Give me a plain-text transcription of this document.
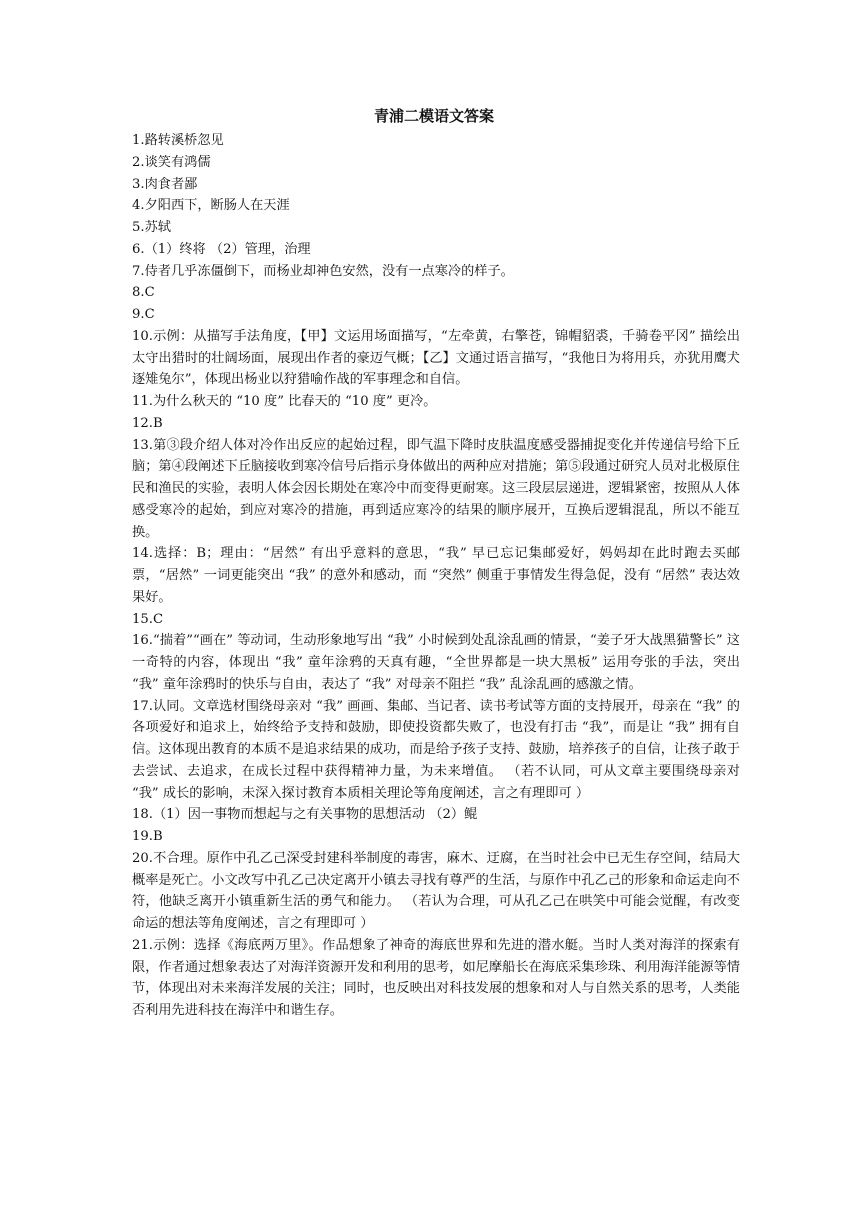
青浦二模语文答案

1.路转溪桥忽见

2.谈笑有鸿儒

3.肉食者鄙

4.夕阳西下，断肠人在天涯

5.苏轼

6.（1）终将 （2）管理，治理

7.侍者几乎冻僵倒下，而杨业却神色安然，没有一点寒冷的样子。

8.C

9.C

10.示例：从描写手法角度，【甲】文运用场面描写，“左牵黄，右擎苍，锦帽貂裘，千骑卷平冈” 描绘出太守出猎时的壮阔场面，展现出作者的豪迈气概；【乙】文通过语言描写，“我他日为将用兵，亦犹用鹰犬逐雉兔尔”，体现出杨业以狩猎喻作战的军事理念和自信。

11.为什么秋天的 “10 度” 比春天的 “10 度” 更冷。

12.B

13.第③段介绍人体对冷作出反应的起始过程，即气温下降时皮肤温度感受器捕捉变化并传递信号给下丘脑；第④段阐述下丘脑接收到寒冷信号后指示身体做出的两种应对措施；第⑤段通过研究人员对北极原住民和渔民的实验，表明人体会因长期处在寒冷中而变得更耐寒。这三段层层递进，逻辑紧密，按照从人体感受寒冷的起始，到应对寒冷的措施，再到适应寒冷的结果的顺序展开，互换后逻辑混乱，所以不能互换。

14.选择：B；理由：“居然” 有出乎意料的意思，“我” 早已忘记集邮爱好，妈妈却在此时跑去买邮票，“居然” 一词更能突出 “我” 的意外和感动，而 “突然” 侧重于事情发生得急促，没有 “居然” 表达效果好。

15.C

16.“揣着”“画在” 等动词，生动形象地写出 “我” 小时候到处乱涂乱画的情景，“姜子牙大战黑猫警长” 这一奇特的内容，体现出 “我” 童年涂鸦的天真有趣，“全世界都是一块大黑板” 运用夸张的手法，突出 “我” 童年涂鸦时的快乐与自由，表达了 “我” 对母亲不阻拦 “我” 乱涂乱画的感激之情。

17.认同。文章选材围绕母亲对 “我” 画画、集邮、当记者、读书考试等方面的支持展开，母亲在 “我” 的各项爱好和追求上，始终给予支持和鼓励，即使投资都失败了，也没有打击 “我”，而是让 “我” 拥有自信。这体现出教育的本质不是追求结果的成功，而是给予孩子支持、鼓励，培养孩子的自信，让孩子敢于去尝试、去追求，在成长过程中获得精神力量，为未来增值。 （若不认同，可从文章主要围绕母亲对 “我” 成长的影响，未深入探讨教育本质相关理论等角度阐述，言之有理即可 ）

18.（1）因一事物而想起与之有关事物的思想活动 （2）鲲

19.B

20.不合理。原作中孔乙己深受封建科举制度的毒害，麻木、迂腐，在当时社会中已无生存空间，结局大概率是死亡。小文改写中孔乙己决定离开小镇去寻找有尊严的生活，与原作中孔乙己的形象和命运走向不符，他缺乏离开小镇重新生活的勇气和能力。 （若认为合理，可从孔乙己在哄笑中可能会觉醒，有改变命运的想法等角度阐述，言之有理即可 ）

21.示例：选择《海底两万里》。作品想象了神奇的海底世界和先进的潜水艇。当时人类对海洋的探索有限，作者通过想象表达了对海洋资源开发和利用的思考，如尼摩船长在海底采集珍珠、利用海洋能源等情节，体现出对未来海洋发展的关注；同时，也反映出对科技发展的想象和对人与自然关系的思考，人类能否利用先进科技在海洋中和谐生存。
